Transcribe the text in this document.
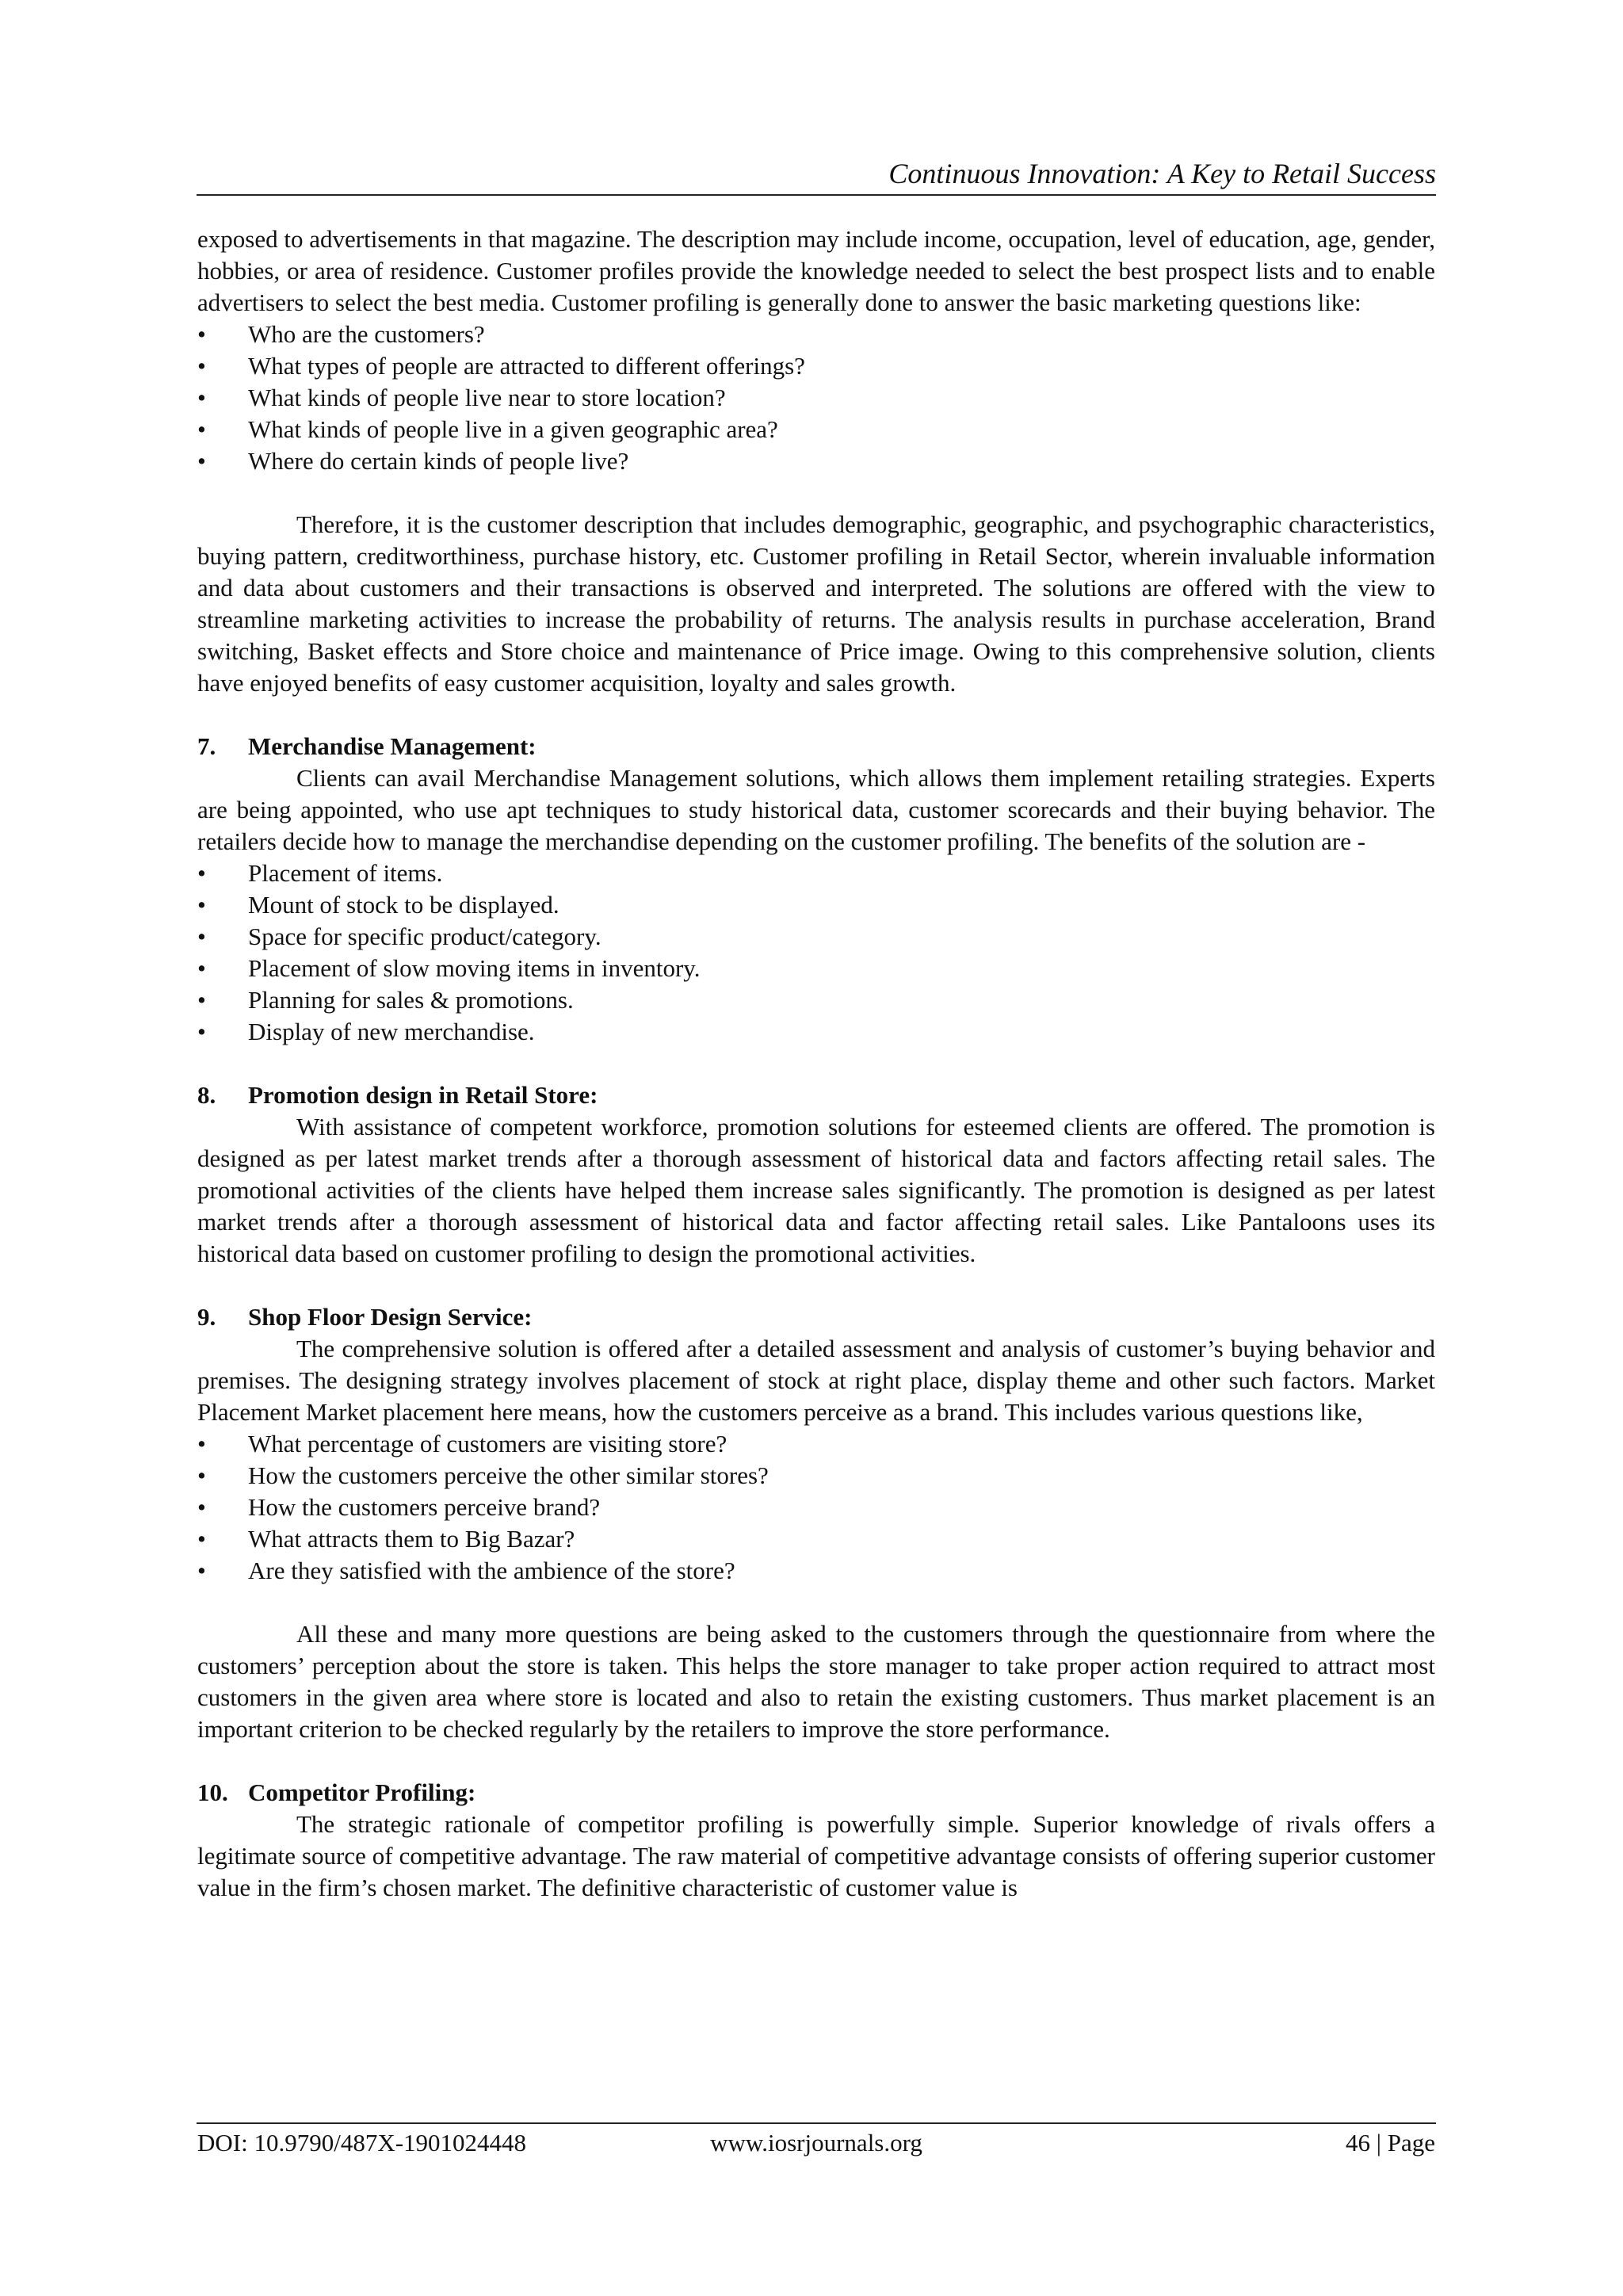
Continuous Innovation: A Key to Retail Success

exposed to advertisements in that magazine. The description may include income, occupation, level of education, age, gender, hobbies, or area of residence. Customer profiles provide the knowledge needed to select the best prospect lists and to enable advertisers to select the best media. Customer profiling is generally done to answer the basic marketing questions like:

• Who are the customers?
• What types of people are attracted to different offerings?
• What kinds of people live near to store location?
• What kinds of people live in a given geographic area?
• Where do certain kinds of people live?

Therefore, it is the customer description that includes demographic, geographic, and psychographic characteristics, buying pattern, creditworthiness, purchase history, etc. Customer profiling in Retail Sector, wherein invaluable information and data about customers and their transactions is observed and interpreted. The solutions are offered with the view to streamline marketing activities to increase the probability of returns. The analysis results in purchase acceleration, Brand switching, Basket effects and Store choice and maintenance of Price image. Owing to this comprehensive solution, clients have enjoyed benefits of easy customer acquisition, loyalty and sales growth.

7. Merchandise Management:

Clients can avail Merchandise Management solutions, which allows them implement retailing strategies. Experts are being appointed, who use apt techniques to study historical data, customer scorecards and their buying behavior. The retailers decide how to manage the merchandise depending on the customer profiling. The benefits of the solution are -

• Placement of items.
• Mount of stock to be displayed.
• Space for specific product/category.
• Placement of slow moving items in inventory.
• Planning for sales & promotions.
• Display of new merchandise.
8. Promotion design in Retail Store:

With assistance of competent workforce, promotion solutions for esteemed clients are offered. The promotion is designed as per latest market trends after a thorough assessment of historical data and factors affecting retail sales. The promotional activities of the clients have helped them increase sales significantly. The promotion is designed as per latest market trends after a thorough assessment of historical data and factor affecting retail sales. Like Pantaloons uses its historical data based on customer profiling to design the promotional activities.

9. Shop Floor Design Service:

The comprehensive solution is offered after a detailed assessment and analysis of customer’s buying behavior and premises. The designing strategy involves placement of stock at right place, display theme and other such factors. Market Placement Market placement here means, how the customers perceive as a brand. This includes various questions like,

• What percentage of customers are visiting store?
• How the customers perceive the other similar stores?
• How the customers perceive brand?
• What attracts them to Big Bazar?
• Are they satisfied with the ambience of the store?

All these and many more questions are being asked to the customers through the questionnaire from where the customers’ perception about the store is taken. This helps the store manager to take proper action required to attract most customers in the given area where store is located and also to retain the existing customers. Thus market placement is an important criterion to be checked regularly by the retailers to improve the store performance.

10. Competitor Profiling:

The strategic rationale of competitor profiling is powerfully simple. Superior knowledge of rivals offers a legitimate source of competitive advantage. The raw material of competitive advantage consists of offering superior customer value in the firm’s chosen market. The definitive characteristic of customer value is

DOI: 10.9790/487X-1901024448	www.iosrjournals.org	46 | Page
